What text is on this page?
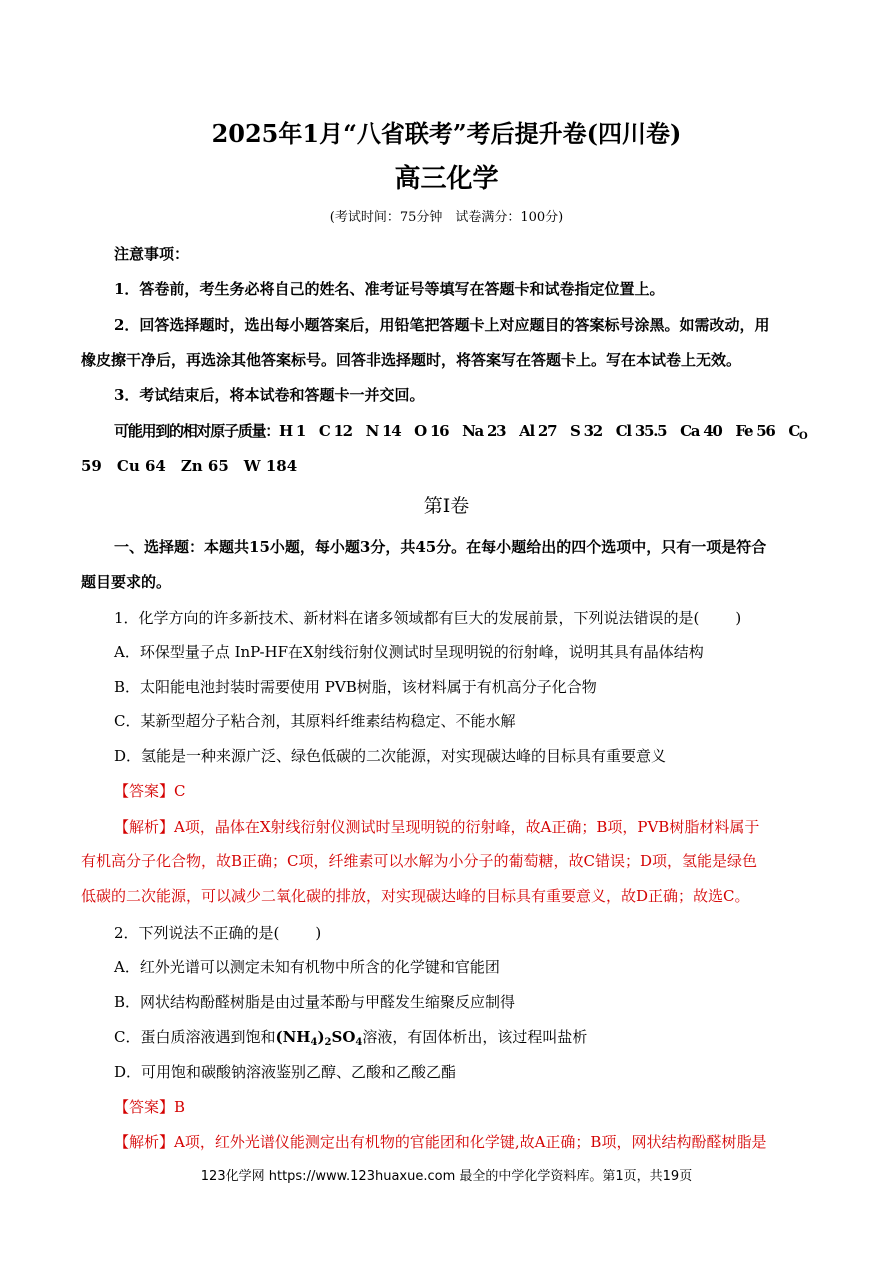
2025年1月“八省联考”考后提升卷(四川卷)
高三化学
(考试时间：75分钟　试卷满分：100分)
注意事项：
1．答卷前，考生务必将自己的姓名、准考证号等填写在答题卡和试卷指定位置上。
2．回答选择题时，选出每小题答案后，用铅笔把答题卡上对应题目的答案标号涂黑。如需改动，用
橡皮擦干净后，再选涂其他答案标号。回答非选择题时，将答案写在答题卡上。写在本试卷上无效。
3．考试结束后，将本试卷和答题卡一并交回。
可能用到的相对原子质量：H 1　C 12　N 14　O 16　Na 23　Al 27　S 32　Cl 35.5　Ca 40　Fe 56　$C_O$
59　Cu 64　Zn 65　W 184
第Ⅰ卷
一、选择题：本题共15小题，每小题3分，共45分。在每小题给出的四个选项中，只有一项是符合
题目要求的。
1．化学方向的许多新技术、新材料在诸多领域都有巨大的发展前景，下列说法错误的是( )
A．环保型量子点 InP-HF在X射线衍射仪测试时呈现明锐的衍射峰，说明其具有晶体结构
B．太阳能电池封装时需要使用 PVB树脂，该材料属于有机高分子化合物
C．某新型超分子粘合剂，其原料纤维素结构稳定、不能水解
D．氢能是一种来源广泛、绿色低碳的二次能源，对实现碳达峰的目标具有重要意义
【答案】C
【解析】A项，晶体在X射线衍射仪测试时呈现明锐的衍射峰，故A正确；B项，PVB树脂材料属于
有机高分子化合物，故B正确；C项，纤维素可以水解为小分子的葡萄糖，故C错误；D项，氢能是绿色
低碳的二次能源，可以减少二氧化碳的排放，对实现碳达峰的目标具有重要意义，故D正确；故选C。
2．下列说法不正确的是( )
A．红外光谱可以测定未知有机物中所含的化学键和官能团
B．网状结构酚醛树脂是由过量苯酚与甲醛发生缩聚反应制得
C．蛋白质溶液遇到饱和$(NH_4)_2SO_4$溶液，有固体析出，该过程叫盐析
D．可用饱和碳酸钠溶液鉴别乙醇、乙酸和乙酸乙酯
【答案】B
【解析】A项，红外光谱仪能测定出有机物的官能团和化学键,故A正确；B项，网状结构酚醛树脂是
123化学网 https://www.123huaxue.com 最全的中学化学资料库。第1页，共19页
